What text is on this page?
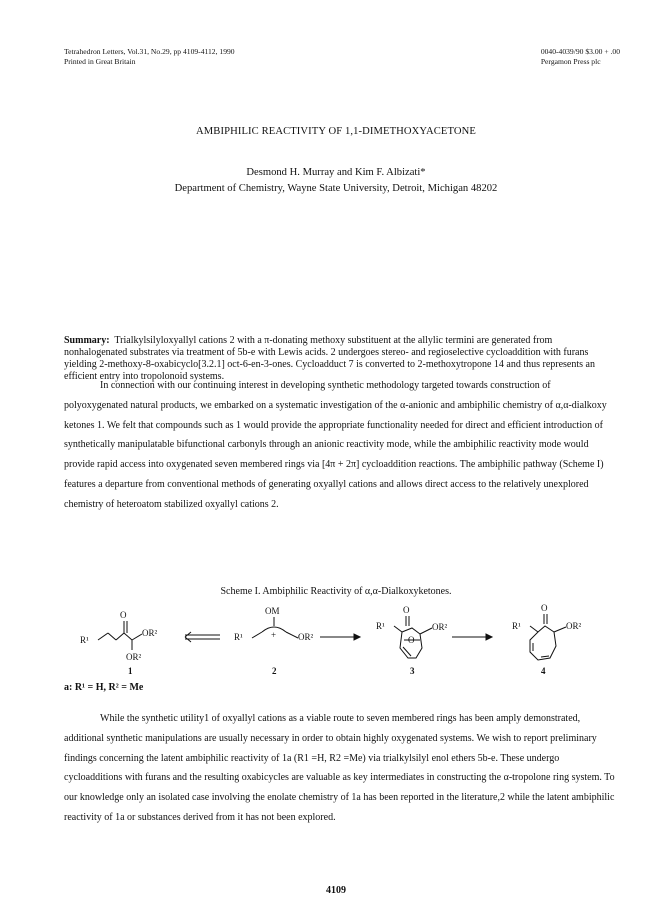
Tetrahedron Letters, Vol.31, No.29, pp 4109-4112, 1990
Printed in Great Britain
0040-4039/90 $3.00 + .00
Pergamon Press plc
AMBIPHILIC REACTIVITY OF 1,1-DIMETHOXYACETONE
Desmond H. Murray and Kim F. Albizati*
Department of Chemistry, Wayne State University, Detroit, Michigan 48202
Summary: Trialkylsilyloxyallyl cations 2 with a π-donating methoxy substituent at the allylic termini are generated from nonhalogenated substrates via treatment of 5b-e with Lewis acids. 2 undergoes stereo- and regioselective cycloaddition with furans yielding 2-methoxy-8-oxabicyclo[3.2.1] oct-6-en-3-ones. Cycloadduct 7 is converted to 2-methoxytropone 14 and thus represents an efficient entry into tropolonoid systems.
In connection with our continuing interest in developing synthetic methodology targeted towards construction of polyoxygenated natural products, we embarked on a systematic investigation of the α-anionic and ambiphilic chemistry of α,α-dialkoxy ketones 1. We felt that compounds such as 1 would provide the appropriate functionality needed for direct and efficient introduction of synthetically manipulatable bifunctional carbonyls through an anionic reactivity mode, while the ambiphilic reactivity mode would provide rapid access into oxygenated seven membered rings via [4π + 2π] cycloaddition reactions. The ambiphilic pathway (Scheme I) features a departure from conventional methods of generating oxyallyl cations and allows direct access to the relatively unexplored chemistry of heteroatom stabilized oxyallyl cations 2.
Scheme I. Ambiphilic Reactivity of α,α-Dialkoxyketones.
O
R¹
OR²
OR²
OM
R¹	+ OR²
O
R¹
O
OR²
O
R¹	OR²
1	2	3	4
a: R¹ = H, R² = Me
While the synthetic utility1 of oxyallyl cations as a viable route to seven membered rings has been amply demonstrated, additional synthetic manipulations are usually necessary in order to obtain highly oxygenated systems. We wish to report preliminary findings concerning the latent ambiphilic reactivity of 1a (R1 =H, R2 =Me) via trialkylsilyl enol ethers 5b-e. These undergo cycloadditions with furans and the resulting oxabicycles are valuable as key intermediates in constructing the α-tropolone ring system. To our knowledge only an isolated case involving the enolate chemistry of 1a has been reported in the literature,2 while the latent ambiphilic reactivity of 1a or substances derived from it has not been explored.
4109
